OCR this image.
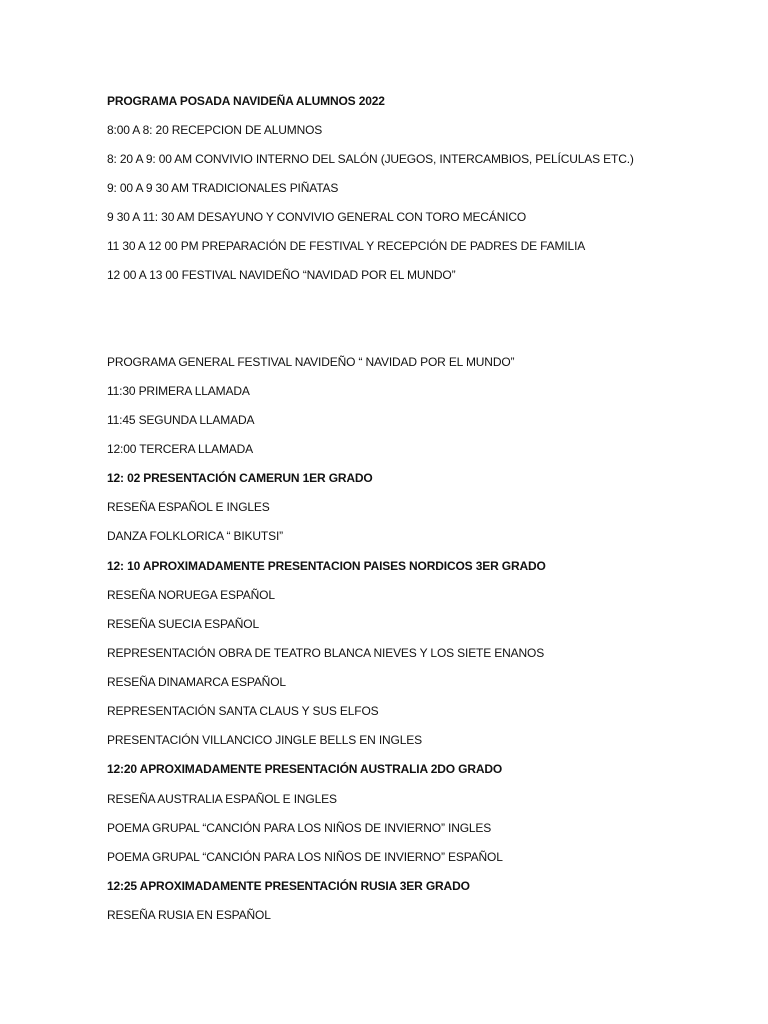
PROGRAMA POSADA NAVIDEÑA ALUMNOS 2022
8:00 A 8: 20 RECEPCION DE ALUMNOS
8: 20 A 9: 00 AM CONVIVIO INTERNO DEL SALÓN (JUEGOS, INTERCAMBIOS, PELÍCULAS ETC.)
9: 00 A 9 30 AM TRADICIONALES PIÑATAS
9 30 A 11: 30 AM DESAYUNO Y CONVIVIO GENERAL CON TORO MECÁNICO
11 30 A 12 00 PM PREPARACIÓN DE FESTIVAL Y RECEPCIÓN DE PADRES DE FAMILIA
12 00 A 13 00 FESTIVAL NAVIDEÑO “NAVIDAD POR EL MUNDO”
PROGRAMA GENERAL FESTIVAL NAVIDEÑO “ NAVIDAD POR EL MUNDO”
11:30 PRIMERA LLAMADA
11:45 SEGUNDA LLAMADA
12:00 TERCERA LLAMADA
12: 02 PRESENTACIÓN CAMERUN 1ER GRADO
RESEÑA ESPAÑOL E INGLES
DANZA FOLKLORICA “ BIKUTSI”
12: 10 APROXIMADAMENTE PRESENTACION PAISES NORDICOS 3ER GRADO
RESEÑA NORUEGA ESPAÑOL
RESEÑA SUECIA ESPAÑOL
REPRESENTACIÓN OBRA DE TEATRO BLANCA NIEVES Y LOS SIETE ENANOS
RESEÑA DINAMARCA ESPAÑOL
REPRESENTACIÓN SANTA CLAUS Y SUS ELFOS
PRESENTACIÓN VILLANCICO JINGLE BELLS EN INGLES
12:20 APROXIMADAMENTE PRESENTACIÓN AUSTRALIA 2DO GRADO
RESEÑA AUSTRALIA ESPAÑOL E INGLES
POEMA GRUPAL “CANCIÓN PARA LOS NIÑOS DE INVIERNO” INGLES
POEMA GRUPAL “CANCIÓN PARA LOS NIÑOS DE INVIERNO” ESPAÑOL
12:25 APROXIMADAMENTE PRESENTACIÓN RUSIA 3ER GRADO
RESEÑA RUSIA EN ESPAÑOL
